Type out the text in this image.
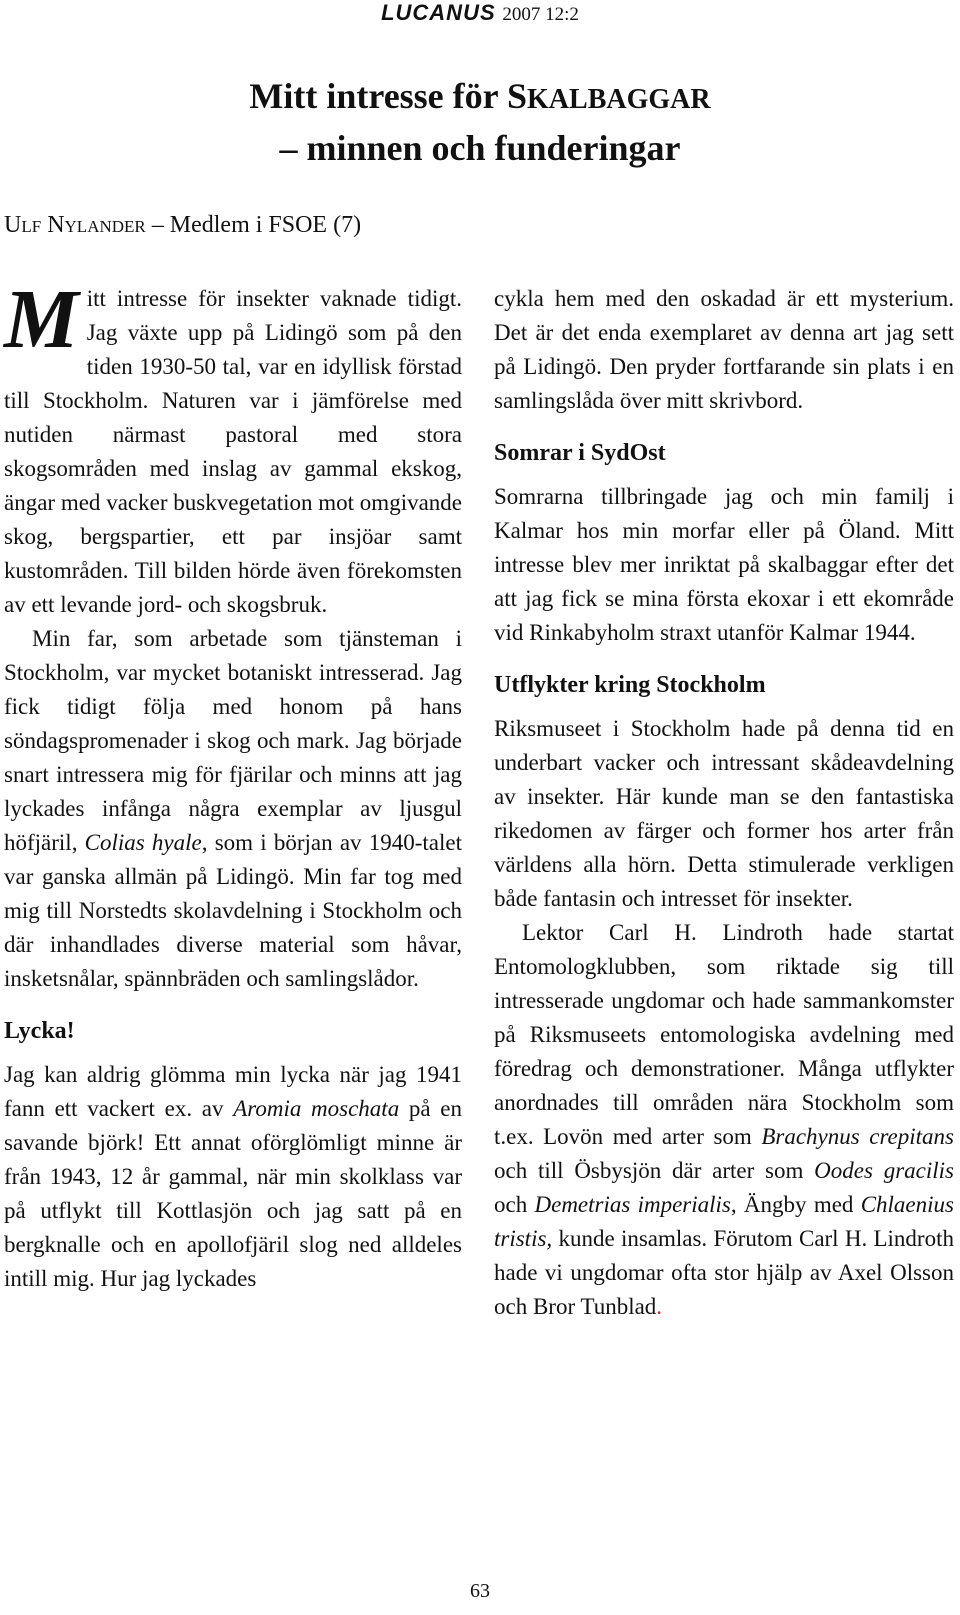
LUCANUS 2007 12:2
Mitt intresse för SKALBAGGAR
– minnen och funderingar
ULF NYLANDER – Medlem i FSOE (7)

Mitt intresse för insekter vaknade tidigt. Jag växte upp på Lidingö som på den tiden 1930-50 tal, var en idyllisk förstad till Stockholm. Naturen var i jämförelse med nutiden närmast pastoral med stora skogsområden med inslag av gammal ekskog, ängar med vacker buskvegetation mot omgivande skog, bergspartier, ett par insjöar samt kustområden. Till bilden hörde även förekomsten av ett levande jord- och skogsbruk.

Min far, som arbetade som tjänsteman i Stockholm, var mycket botaniskt intresserad. Jag fick tidigt följa med honom på hans söndagspromenader i skog och mark. Jag började snart intressera mig för fjärilar och minns att jag lyckades infånga några exemplar av ljusgul höfjäril, Colias hyale, som i början av 1940-talet var ganska allmän på Lidingö. Min far tog med mig till Norstedts skolavdelning i Stockholm och där inhandlades diverse material som håvar, insketsnålar, spännbräden och samlingslådor.

Lycka!

Jag kan aldrig glömma min lycka när jag 1941 fann ett vackert ex. av Aromia moschata på en savande björk! Ett annat oförglömligt minne är från 1943, 12 år gammal, när min skolklass var på utflykt till Kottlasjön och jag satt på en bergknalle och en apollofjäril slog ned alldeles intill mig. Hur jag lyckades

cykla hem med den oskadad är ett mysterium. Det är det enda exemplaret av denna art jag sett på Lidingö. Den pryder fortfarande sin plats i en samlingslåda över mitt skrivbord.

Somrar i SydOst

Somrarna tillbringade jag och min familj i Kalmar hos min morfar eller på Öland. Mitt intresse blev mer inriktat på skalbaggar efter det att jag fick se mina första ekoxar i ett ekområde vid Rinkabyholm straxt utanför Kalmar 1944.

Utflykter kring Stockholm

Riksmuseet i Stockholm hade på denna tid en underbart vacker och intressant skådeavdelning av insekter. Här kunde man se den fantastiska rikedomen av färger och former hos arter från världens alla hörn. Detta stimulerade verkligen både fantasin och intresset för insekter.

Lektor Carl H. Lindroth hade startat Entomologklubben, som riktade sig till intresserade ungdomar och hade sammankomster på Riksmuseets entomologiska avdelning med föredrag och demonstrationer. Många utflykter anordnades till områden nära Stockholm som t.ex. Lovön med arter som Brachynus crepitans och till Ösbysjön där arter som Oodes gracilis och Demetrias imperialis, Ängby med Chlaenius tristis, kunde insamlas. Förutom Carl H. Lindroth hade vi ungdomar ofta stor hjälp av Axel Olsson och Bror Tunblad.

63
